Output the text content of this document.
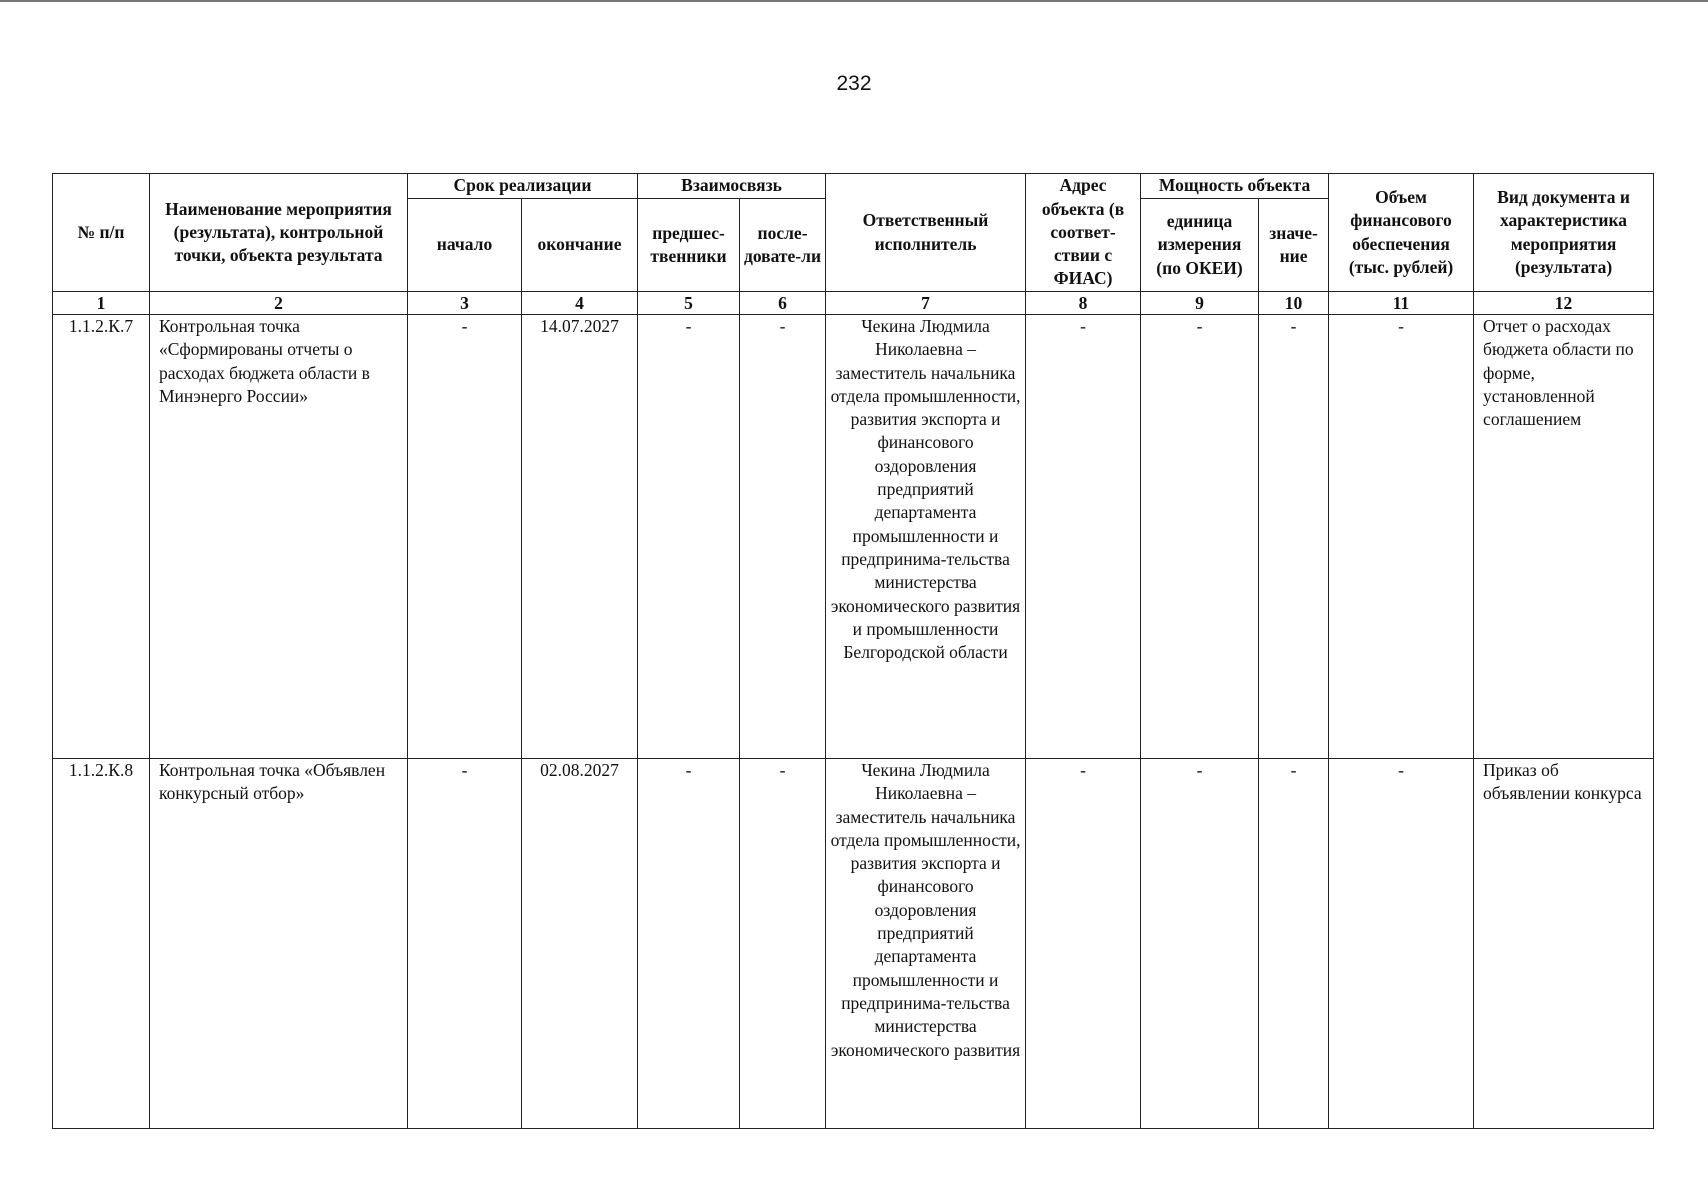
232
№ п/п	Наименование мероприятия (результата), контрольной точки, объекта результата	Срок реализации		Взаимосвязь		Ответственный исполнитель	Адрес объекта (в соответ-ствии с ФИАС)	Мощность объекта		Объем финансового обеспечения (тыс. рублей)	Вид документа и характеристика мероприятия (результата)
		начало	окончание	предшес-твенники	после-довате-ли			единица измерения (по ОКЕИ)	значе-ние		
1	2	3	4	5	6	7	8	9	10	11	12
1.1.2.К.7	Контрольная точка «Сформированы отчеты о расходах бюджета области в Минэнерго России»	-	14.07.2027	-	-	Чекина Людмила Николаевна – заместитель начальника отдела промышленности, развития экспорта и финансового оздоровления предприятий департамента промышленности и предпринима-тельства министерства экономического развития и промышленности Белгородской области	-	-	-	-	Отчет о расходах бюджета области по форме, установленной соглашением
1.1.2.К.8	Контрольная точка «Объявлен конкурсный отбор»	-	02.08.2027	-	-	Чекина Людмила Николаевна – заместитель начальника отдела промышленности, развития экспорта и финансового оздоровления предприятий департамента промышленности и предпринима-тельства министерства экономического развития	-	-	-	-	Приказ об объявлении конкурса
